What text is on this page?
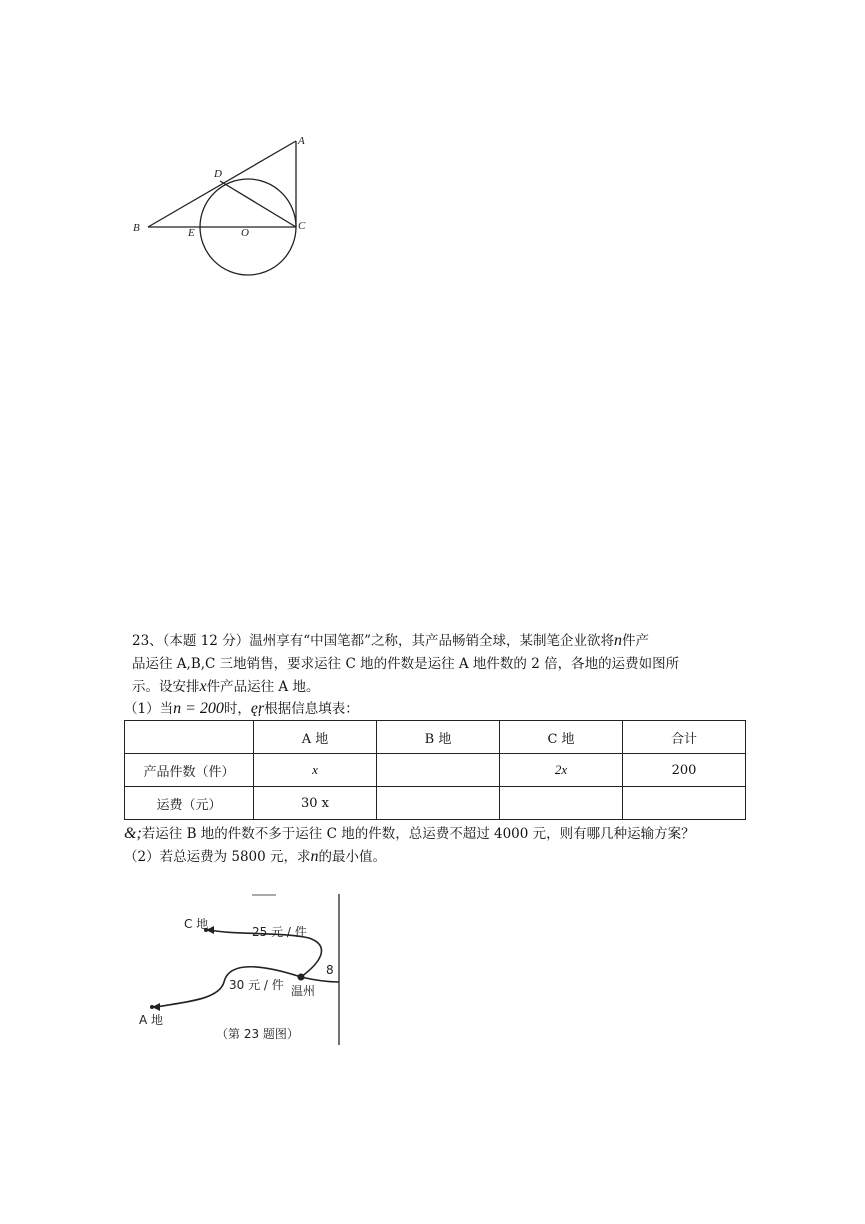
A
B	C
D
E	O
23、（本题 12 分）温州享有“中国笔都”之称，其产品畅销全球，某制笔企业欲将n件产
品运往 A,B,C 三地销售，要求运往 C 地的件数是运往 A 地件数的 2 倍，各地的运费如图所
示。设安排x件产品运往 A 地。
（1）当n = 200时，ęŗ根据信息填表：
	A 地	B 地	C 地	合计
产品件数（件）	x		2x	200
运费（元）	30 x			
&;若运往 B 地的件数不多于运往 C 地的件数，总运费不超过 4000 元，则有哪几种运输方案？
（2）若总运费为 5800 元，求n的最小值。
C 地
25 元 / 件
30 元 / 件 温州
8
A 地
（第 23 题图）
